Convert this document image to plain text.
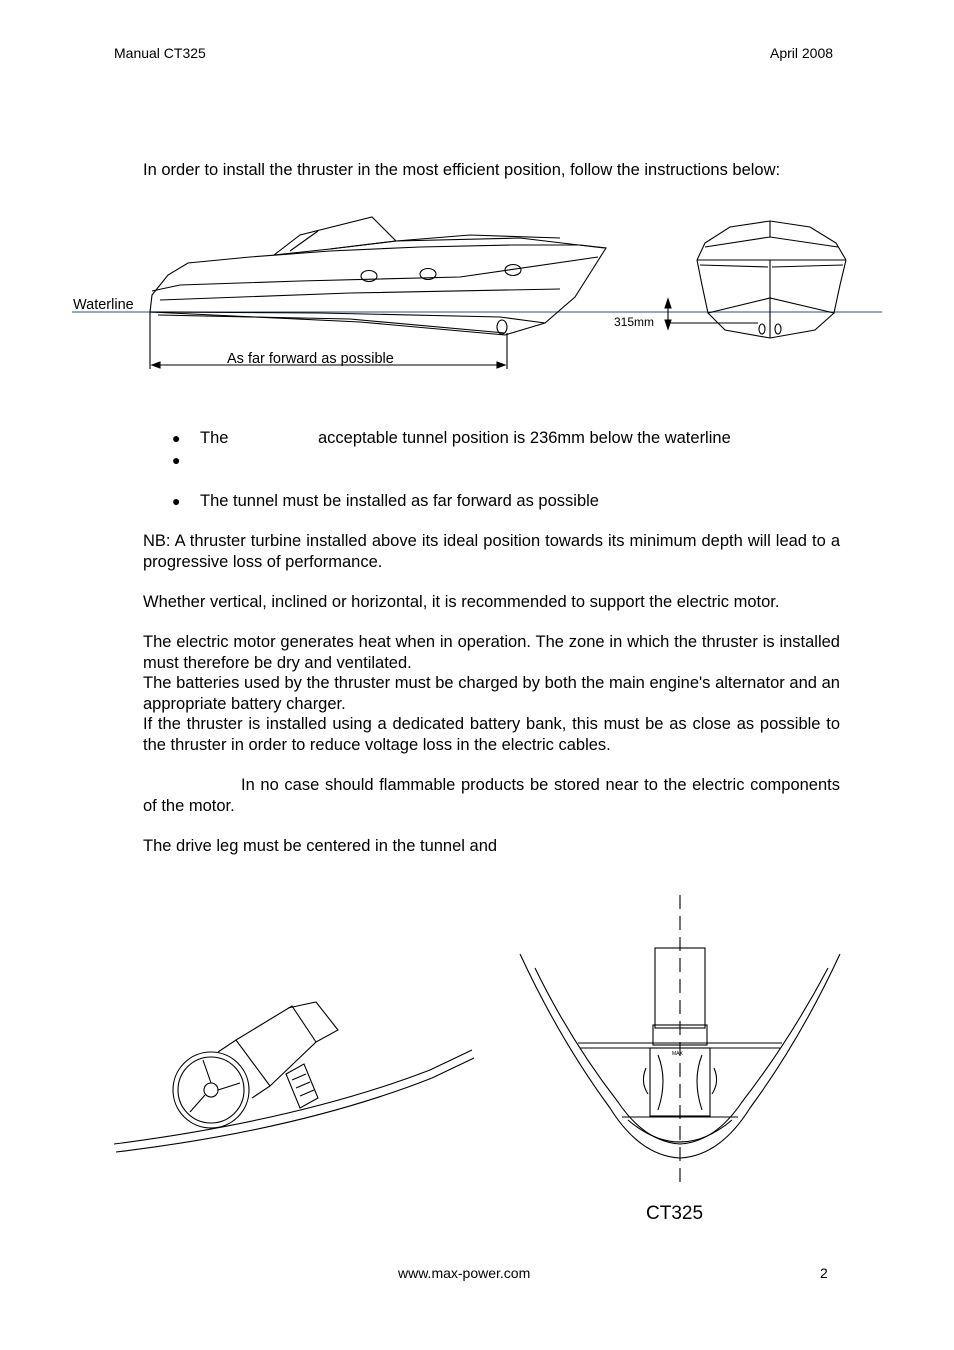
Manual CT325	April 2008
In order to install the thruster in the most efficient position, follow the instructions below:
Waterline
As far forward as possible
315mm
● The	acceptable tunnel position is 236mm below the waterline
●
● The tunnel must be installed as far forward as possible
NB: A thruster turbine installed above its ideal position towards its minimum depth will lead to a progressive loss of performance.
Whether vertical, inclined or horizontal, it is recommended to support the electric motor.
The electric motor generates heat when in operation. The zone in which the thruster is installed must therefore be dry and ventilated.
The batteries used by the thruster must be charged by both the main engine's alternator and an appropriate battery charger.
If the thruster is installed using a dedicated battery bank, this must be as close as possible to the thruster in order to reduce voltage loss in the electric cables.
In no case should flammable products be stored near to the electric components of the motor.
The drive leg must be centered in the tunnel and
MAX
CT325
www.max-power.com	2
